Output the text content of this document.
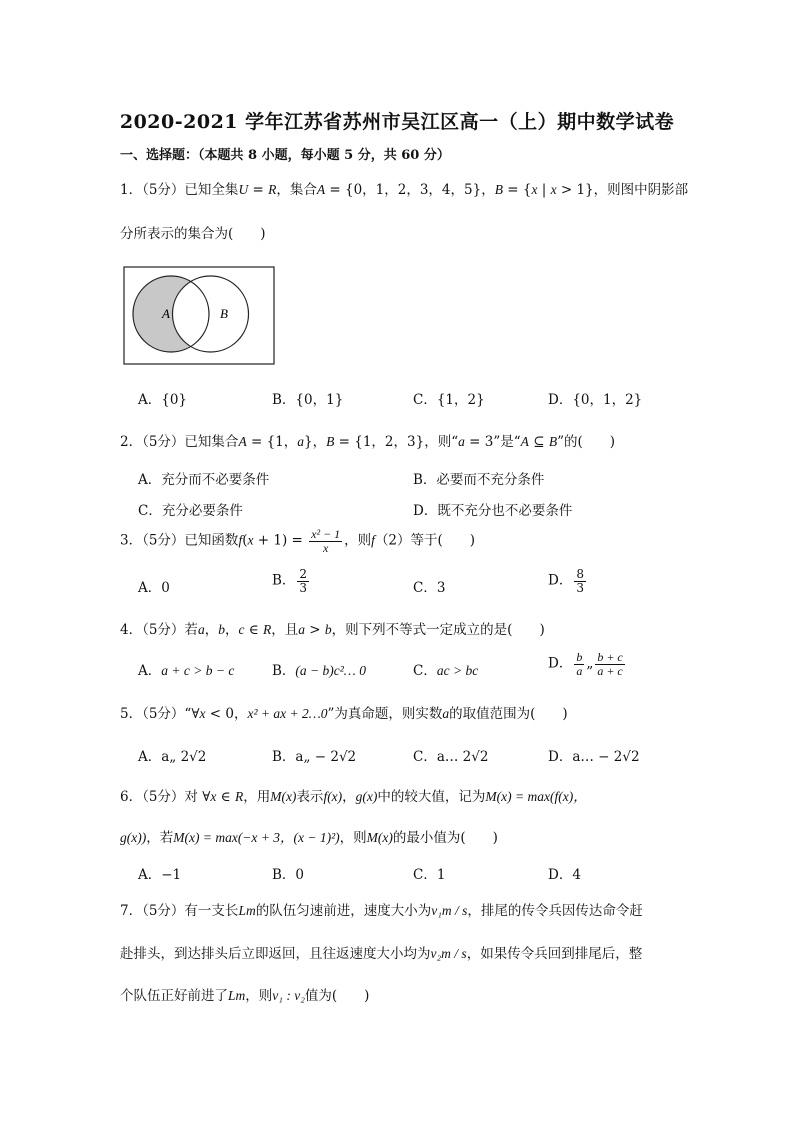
2020-2021 学年江苏省苏州市吴江区高一（上）期中数学试卷
一、选择题：（本题共 8 小题，每小题 5 分，共 60 分）
1．（5分）已知全集U = R，集合A = {0，1，2，3，4，5}，B = {x | x > 1}，则图中阴影部
分所表示的集合为(　　)
A	B
A．{0}	B．{0，1}	C．{1，2}	D．{0，1，2}
2．（5分）已知集合A = {1，a}，B = {1，2，3}，则“a = 3”是“A ⊆ B”的(　　)
A．充分而不必要条件	B．必要而不充分条件
C．充分必要条件	D．既不充分也不必要条件
3．（5分）已知函数$f(x + 1) = \frac{\text{x² − 1}}{x}$ ，则f（2）等于(　　)
A．0	B． $\frac{2}{3}$	C．3	D． $\frac{8}{3}$
4．（5分）若a，b，c ∈ R，且a > b，则下列不等式一定成立的是(　　)
A．a + c > b − c	B．(a − b)c²… 0	C．ac > bc	D． $\frac{b}{a}$ „ $\frac{b + c}{a + c}$
5．（5分）“∀x < 0，x² + ax + 2…0”为真命题，则实数a的取值范围为(　　)
A．a„ 2√2	B．a„ − 2√2	C．a… 2√2	D．a… − 2√2
6．（5分）对 ∀x ∈ R，用M(x)表示f(x)，g(x)中的较大值，记为M(x) = max(f(x)，
g(x))，若M(x) = max(−x + 3，(x − 1)²)，则M(x)的最小值为(　　)
A．−1	B．0	C．1	D．4
7．（5分）有一支长Lm的队伍匀速前进，速度大小为v₁m / s，排尾的传令兵因传达命令赶
赴排头，到达排头后立即返回，且往返速度大小均为v₂m / s，如果传令兵回到排尾后，整
个队伍正好前进了Lm，则v₁ : v₂值为(　　)
